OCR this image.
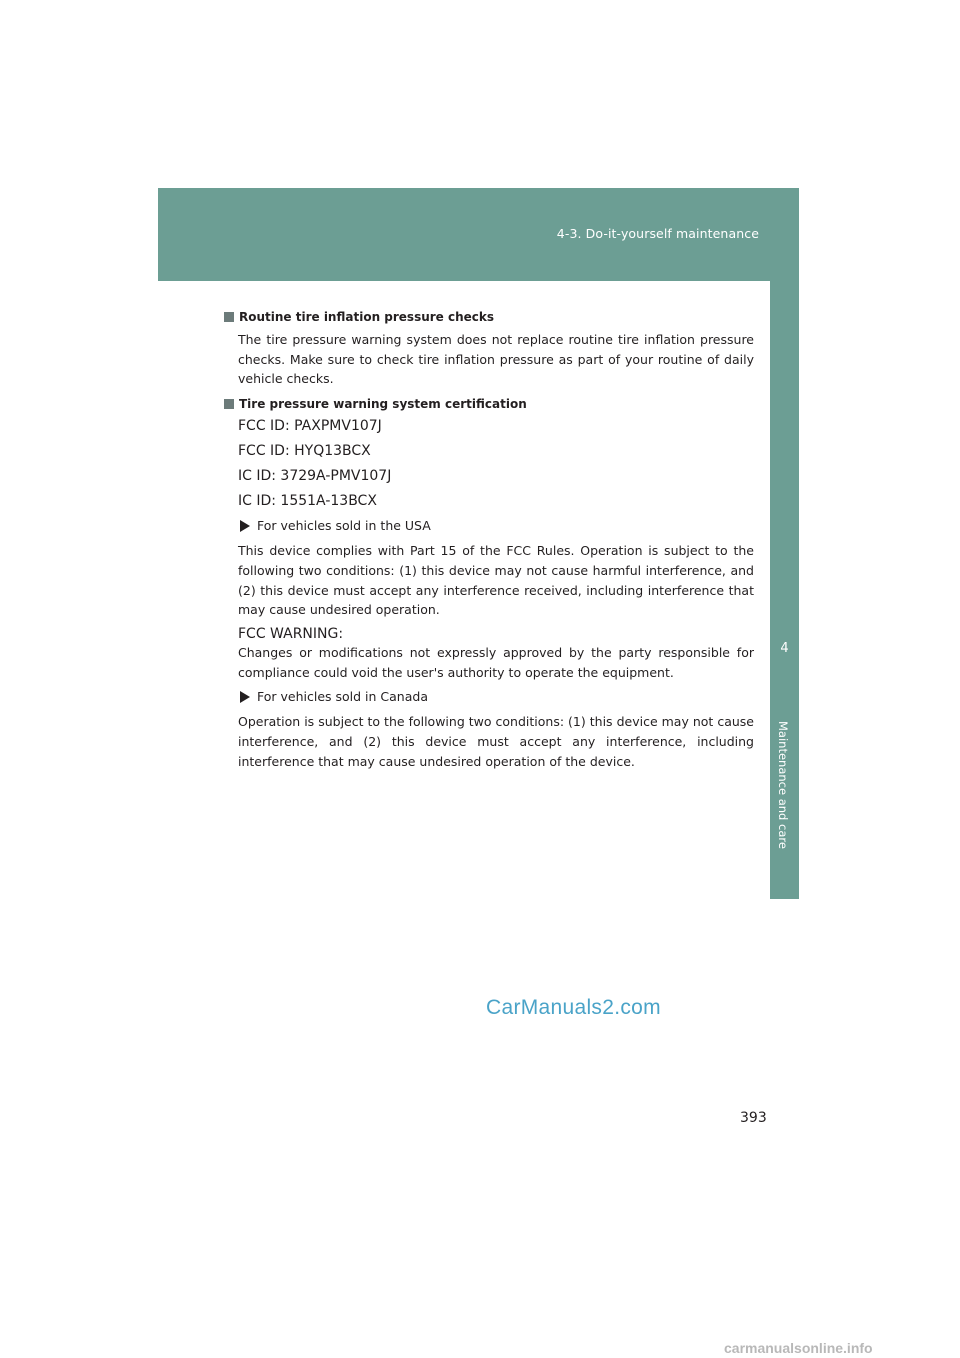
4-3. Do-it-yourself maintenance
4
Maintenance and care
Routine tire inflation pressure checks

The tire pressure warning system does not replace routine tire inflation pressure checks. Make sure to check tire inflation pressure as part of your routine of daily vehicle checks.

Tire pressure warning system certification
FCC ID: PAXPMV107J
FCC ID: HYQ13BCX
IC ID: 3729A-PMV107J
IC ID: 1551A-13BCX
For vehicles sold in the USA

This device complies with Part 15 of the FCC Rules. Operation is subject to the following two conditions: (1) this device may not cause harmful interference, and (2) this device must accept any interference received, including interference that may cause undesired operation.

FCC WARNING:

Changes or modifications not expressly approved by the party responsible for compliance could void the user's authority to operate the equipment.

For vehicles sold in Canada

Operation is subject to the following two conditions: (1) this device may not cause interference, and (2) this device must accept any interference, including interference that may cause undesired operation of the device.

CarManuals2.com
393
carmanualsonline.info
